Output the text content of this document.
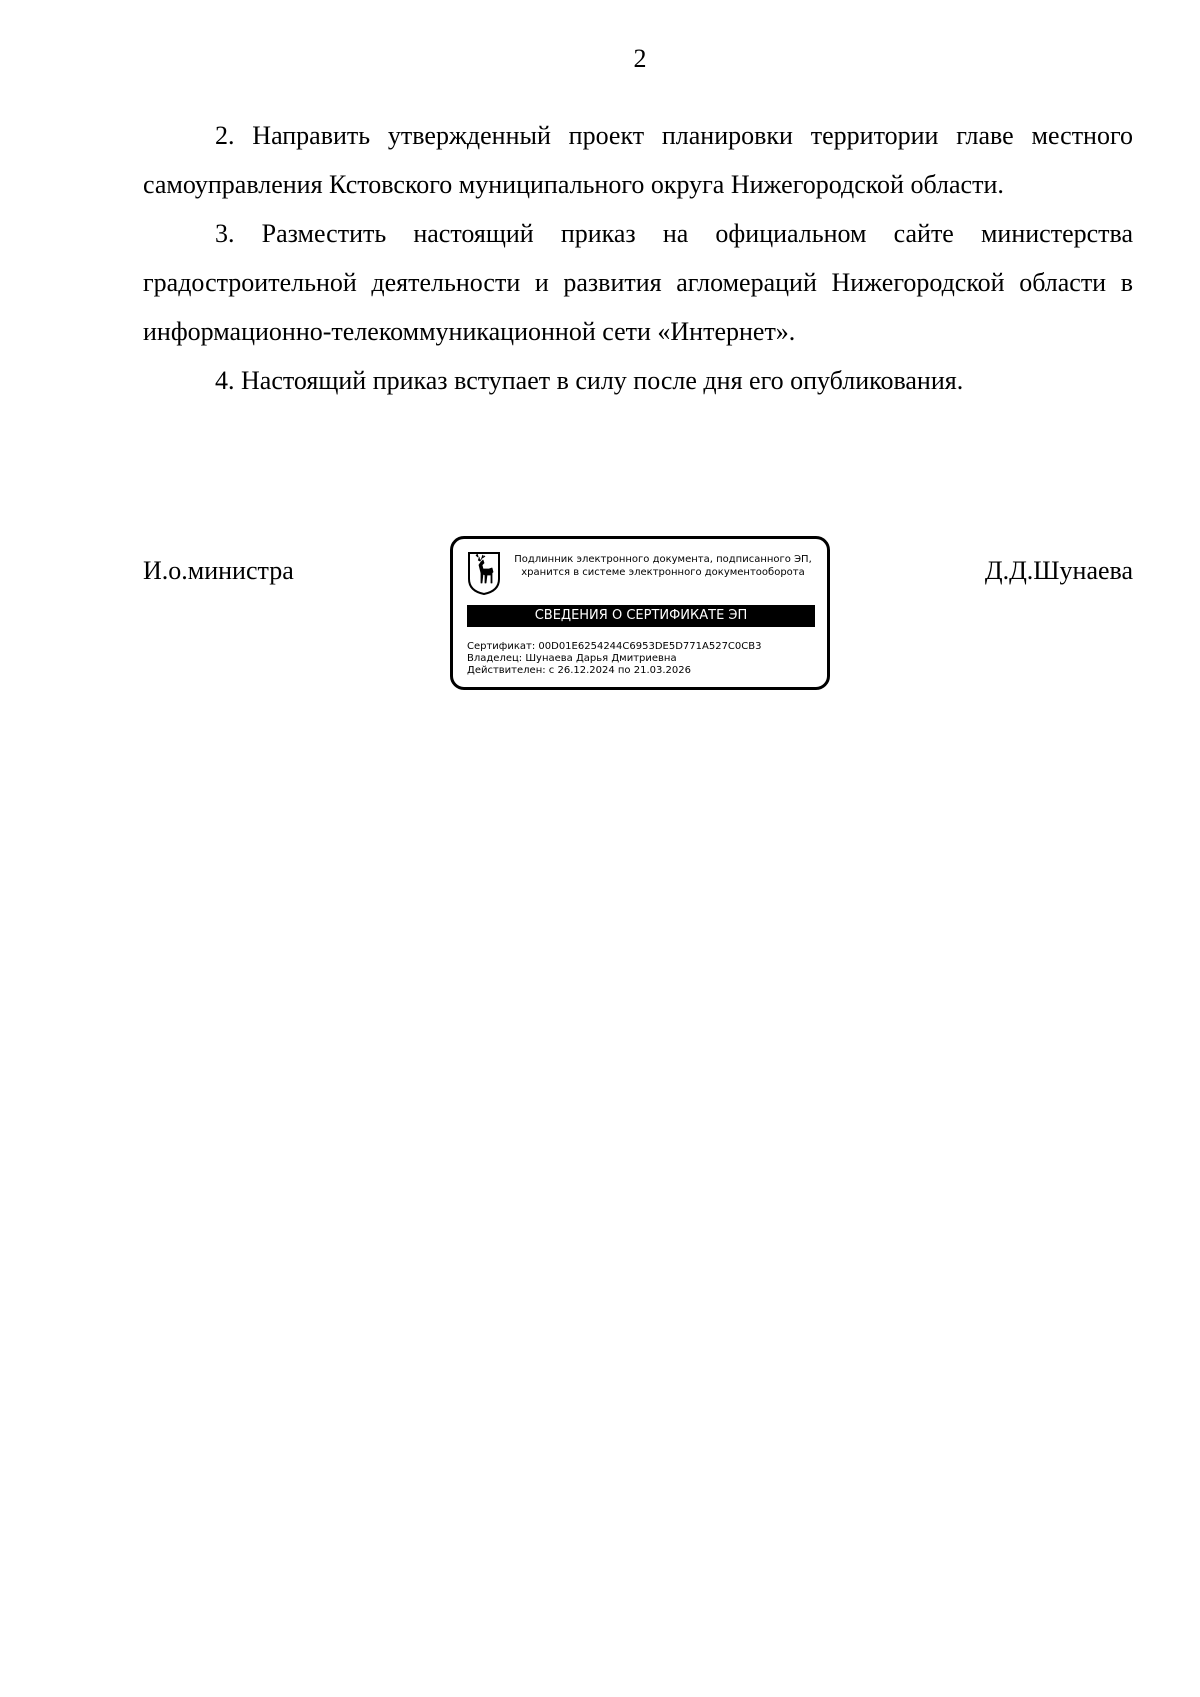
2

2. Направить утвержденный проект планировки территории главе местного самоуправления Кстовского муниципального округа Нижегородской области.

3. Разместить настоящий приказ на официальном сайте министерства градостроительной деятельности и развития агломераций Нижегородской области в информационно-телекоммуникационной сети «Интернет».

4. Настоящий приказ вступает в силу после дня его опубликования.

И.о.министра	Подлинник электронного документа, подписанного ЭП,
хранится в системе электронного документооборота
СВЕДЕНИЯ О СЕРТИФИКАТЕ ЭП
Сертификат: 00D01E6254244C6953DE5D771A527C0CB3
Владелец: Шунаева Дарья Дмитриевна
Действителен: с 26.12.2024 по 21.03.2026
Д.Д.Шунаева
